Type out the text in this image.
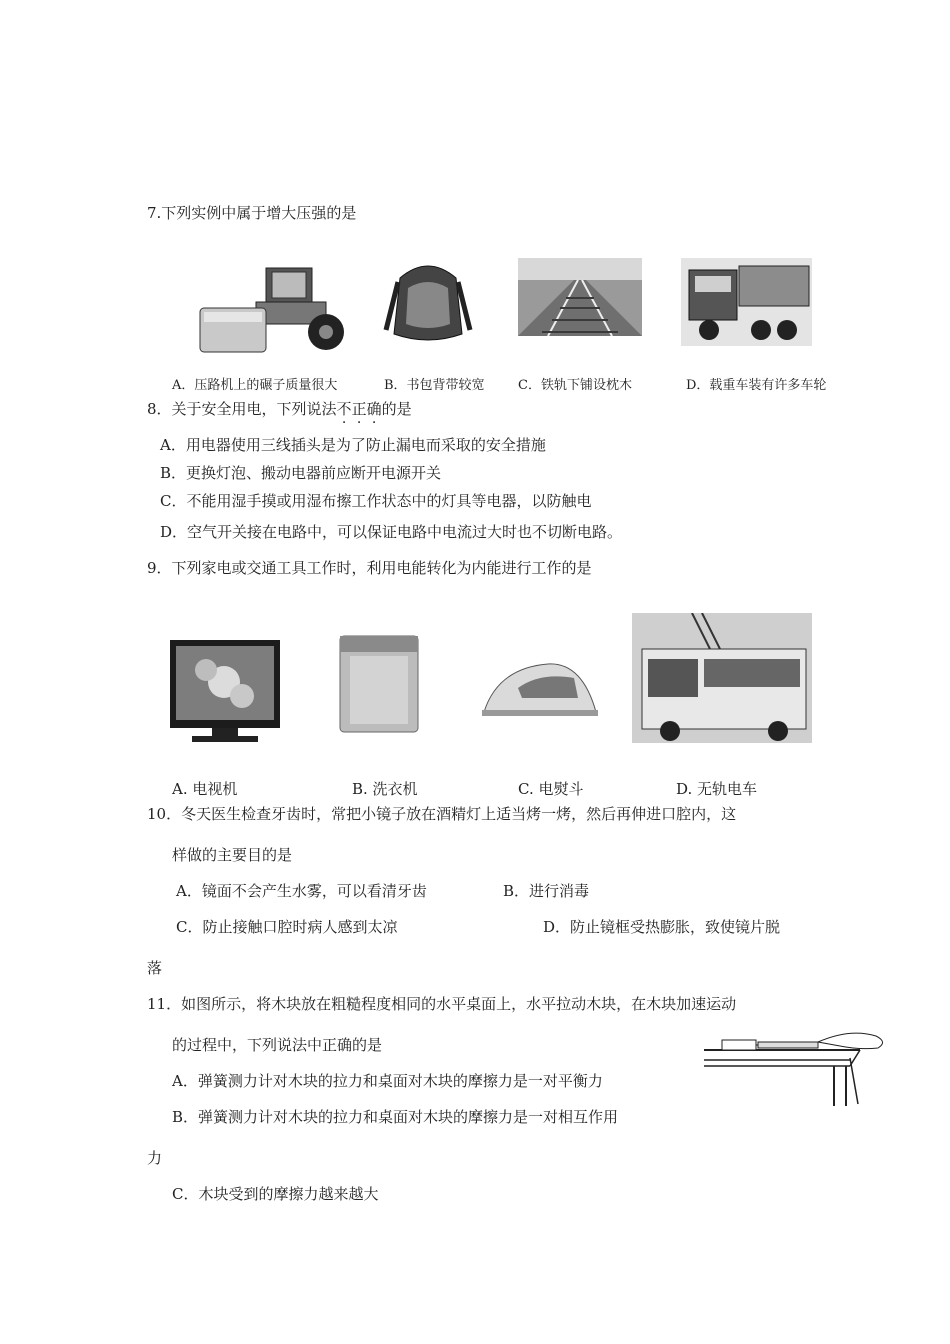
7.下列实例中属于增大压强的是
A．压路机上的碾子质量很大	B．书包背带较宽	C．铁轨下铺设枕木	D．载重车装有许多车轮
8．关于安全用电，下列说法不正确的是
A．用电器使用三线插头是为了防止漏电而采取的安全措施
B．更换灯泡、搬动电器前应断开电源开关
C．不能用湿手摸或用湿布擦工作状态中的灯具等电器，以防触电
D．空气开关接在电路中，可以保证电路中电流过大时也不切断电路。
9．下列家电或交通工具工作时，利用电能转化为内能进行工作的是
A. 电视机	B. 洗衣机	C. 电熨斗	D. 无轨电车
10．冬天医生检查牙齿时，常把小镜子放在酒精灯上适当烤一烤，然后再伸进口腔内，这
样做的主要目的是
A．镜面不会产生水雾，可以看清牙齿	B．进行消毒
C．防止接触口腔时病人感到太凉	D．防止镜框受热膨胀，致使镜片脱
落
11．如图所示，将木块放在粗糙程度相同的水平桌面上，水平拉动木块，在木块加速运动
的过程中，下列说法中正确的是
A．弹簧测力计对木块的拉力和桌面对木块的摩擦力是一对平衡力
B．弹簧测力计对木块的拉力和桌面对木块的摩擦力是一对相互作用
力
C．木块受到的摩擦力越来越大
